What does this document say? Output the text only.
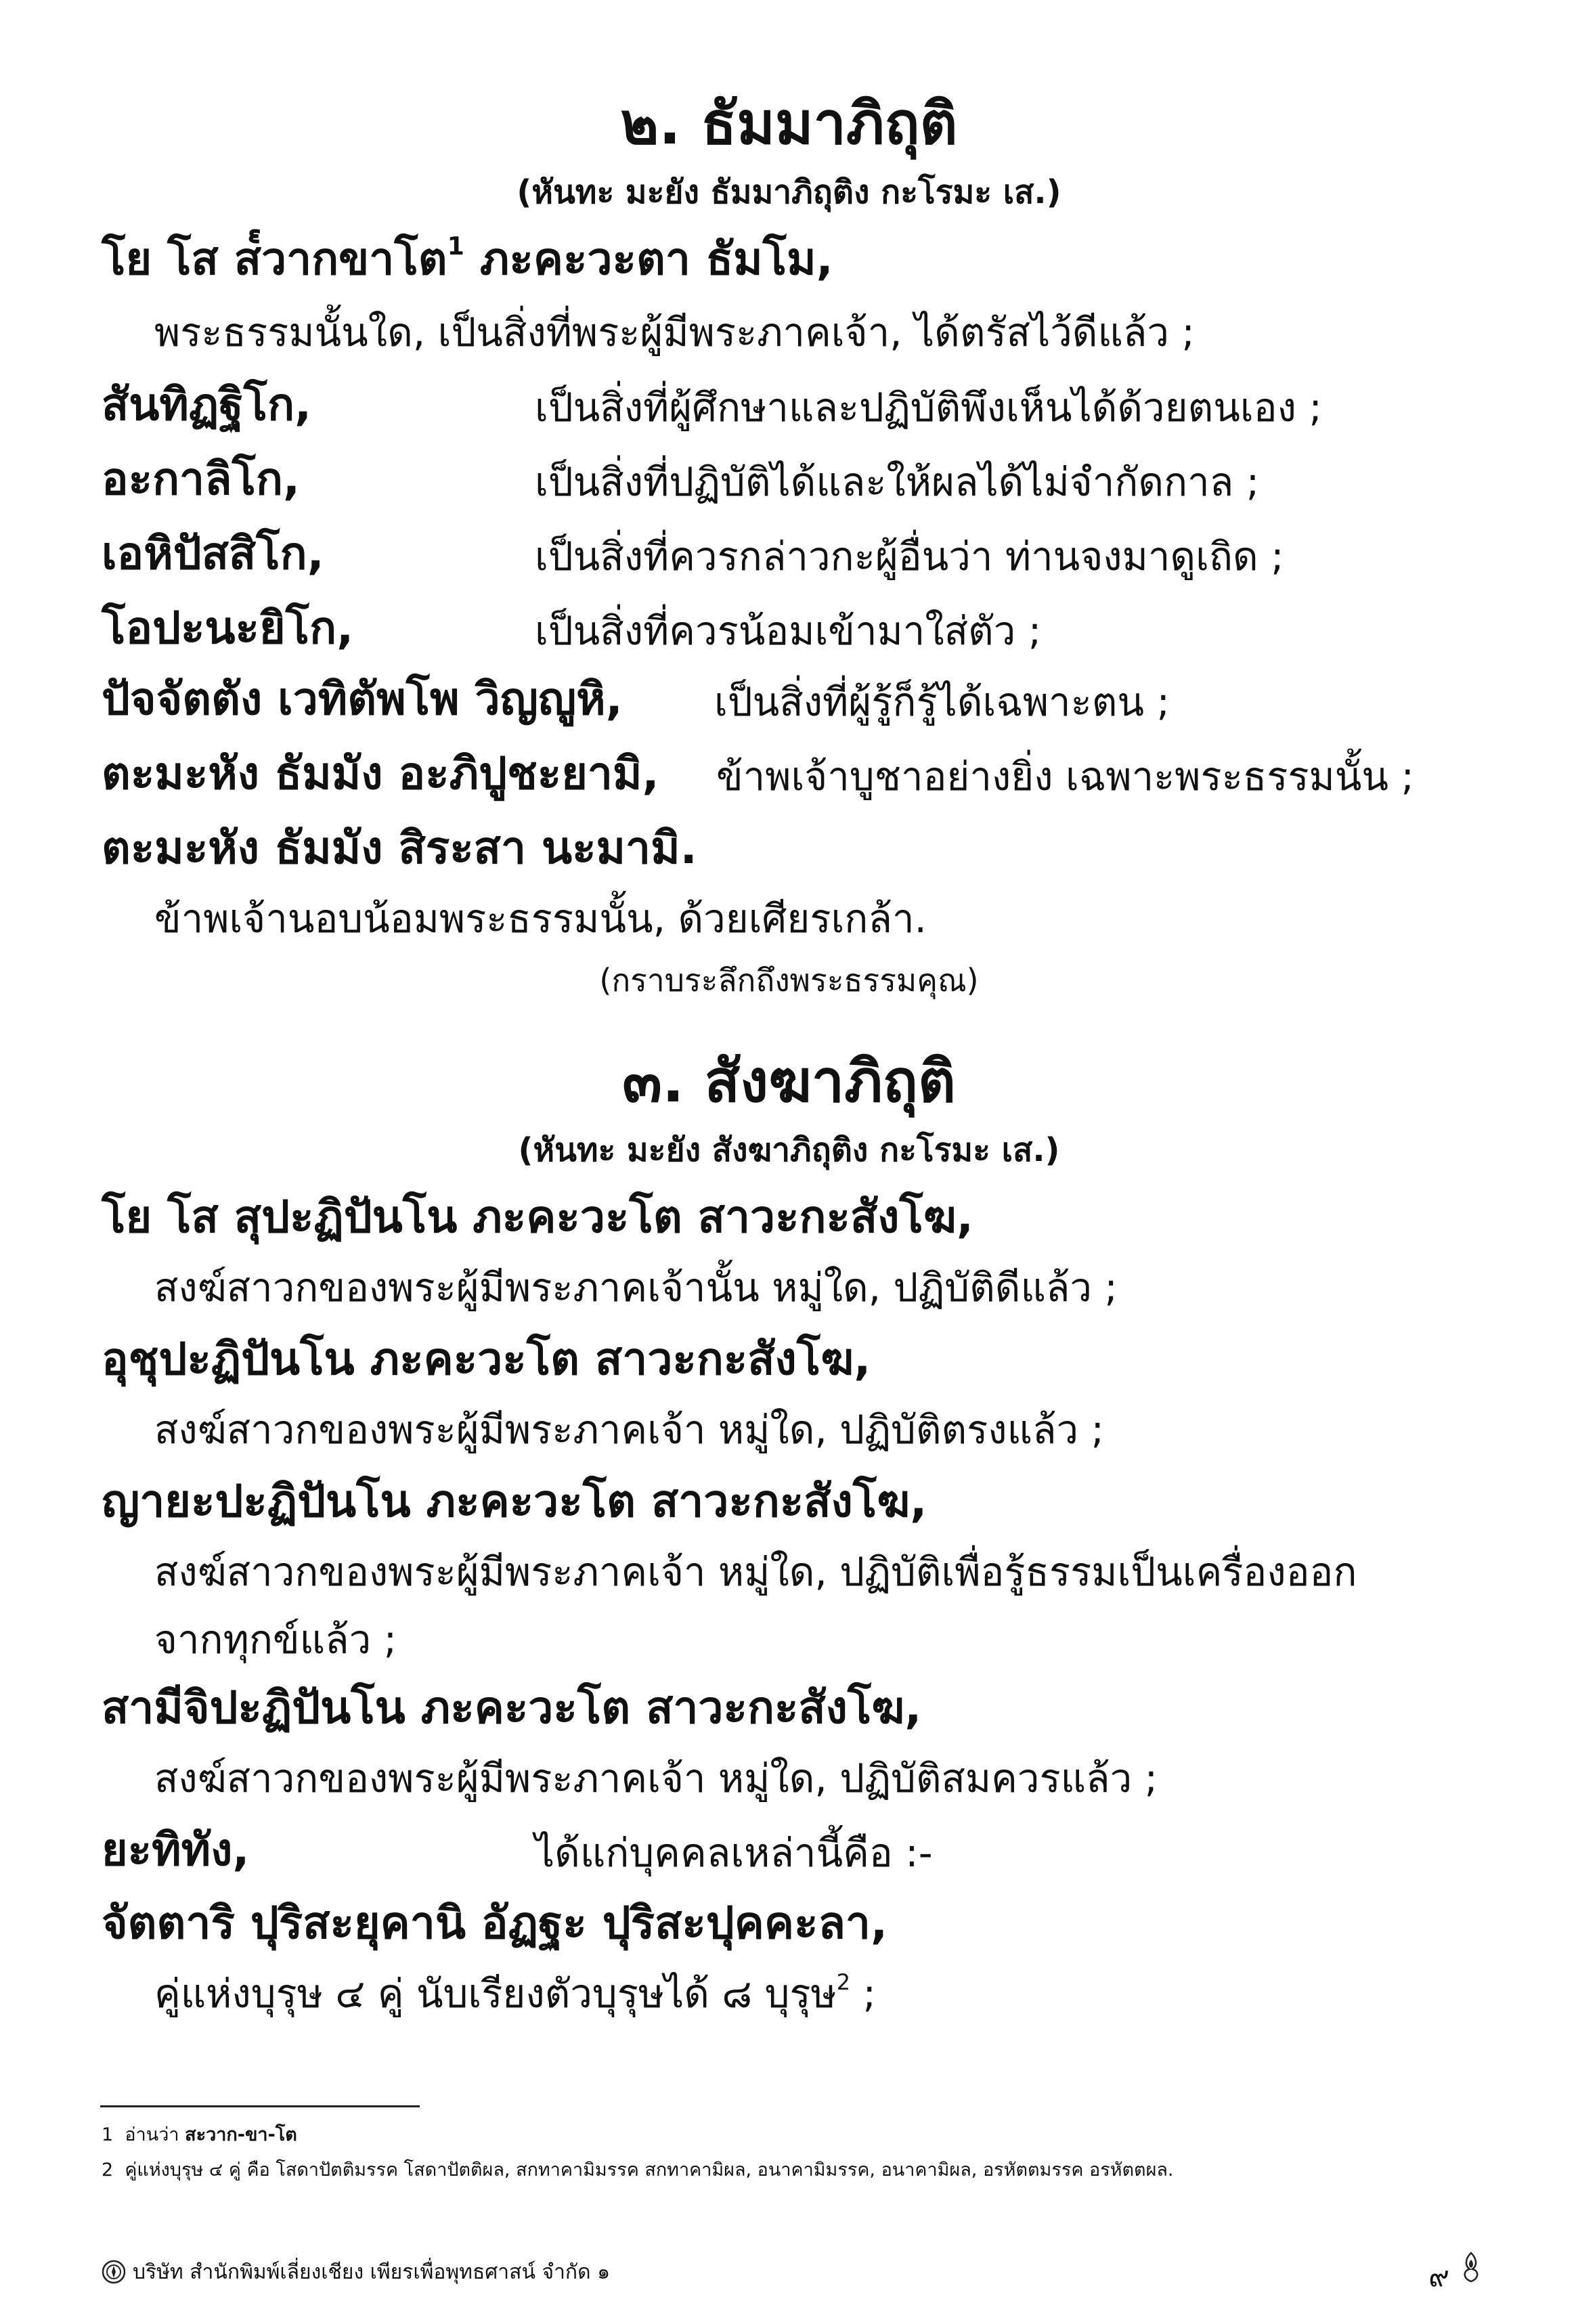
๒. ธัมมาภิถุติ
(หันทะ มะยัง ธัมมาภิถุติง กะโรมะ เส.)
โย โส ส๎วากขาโต$^1$ ภะคะวะตา ธัมโม,
พระธรรมนั้นใด, เป็นสิ่งที่พระผู้มีพระภาคเจ้า, ได้ตรัสไว้ดีแล้ว ;
สันทิฏฐิโก,	เป็นสิ่งที่ผู้ศึกษาและปฏิบัติพึงเห็นได้ด้วยตนเอง ;
อะกาลิโก,	เป็นสิ่งที่ปฏิบัติได้และให้ผลได้ไม่จำกัดกาล ;
เอหิปัสสิโก,	เป็นสิ่งที่ควรกล่าวกะผู้อื่นว่า ท่านจงมาดูเถิด ;
โอปะนะยิโก,	เป็นสิ่งที่ควรน้อมเข้ามาใส่ตัว ;
ปัจจัตตัง เวทิตัพโพ วิญญูหิ, เป็นสิ่งที่ผู้รู้ก็รู้ได้เฉพาะตน ;
ตะมะหัง ธัมมัง อะภิปูชะยามิ, ข้าพเจ้าบูชาอย่างยิ่ง เฉพาะพระธรรมนั้น ;
ตะมะหัง ธัมมัง สิระสา นะมามิ.
ข้าพเจ้านอบน้อมพระธรรมนั้น, ด้วยเศียรเกล้า.
(กราบระลึกถึงพระธรรมคุณ)
๓. สังฆาภิถุติ
(หันทะ มะยัง สังฆาภิถุติง กะโรมะ เส.)
โย โส สุปะฏิปันโน ภะคะวะโต สาวะกะสังโฆ,
สงฆ์สาวกของพระผู้มีพระภาคเจ้านั้น หมู่ใด, ปฏิบัติดีแล้ว ;
อุชุปะฏิปันโน ภะคะวะโต สาวะกะสังโฆ,
สงฆ์สาวกของพระผู้มีพระภาคเจ้า หมู่ใด, ปฏิบัติตรงแล้ว ;
ญายะปะฏิปันโน ภะคะวะโต สาวะกะสังโฆ,
สงฆ์สาวกของพระผู้มีพระภาคเจ้า หมู่ใด, ปฏิบัติเพื่อรู้ธรรมเป็นเครื่องออก
จากทุกข์แล้ว ;
สามีจิปะฏิปันโน ภะคะวะโต สาวะกะสังโฆ,
สงฆ์สาวกของพระผู้มีพระภาคเจ้า หมู่ใด, ปฏิบัติสมควรแล้ว ;
ยะทิทัง,	ได้แก่บุคคลเหล่านี้คือ :-
จัตตาริ ปุริสะยุคานิ อัฏฐะ ปุริสะปุคคะลา,
คู่แห่งบุรุษ ๔ คู่ นับเรียงตัวบุรุษได้ ๘ บุรุษ$^2$ ;
1 อ่านว่า สะวาก-ขา-โต
2 คู่แห่งบุรุษ ๔ คู่ คือ โสดาปัตติมรรค โสดาปัตติผล, สกทาคามิมรรค สกทาคามิผล, อนาคามิมรรค, อนาคามิผล, อรหัตตมรรค อรหัตตผล.
บริษัท สำนักพิมพ์เลี่ยงเชียง เพียรเพื่อพุทธศาสน์ จำกัด ๑	๙
